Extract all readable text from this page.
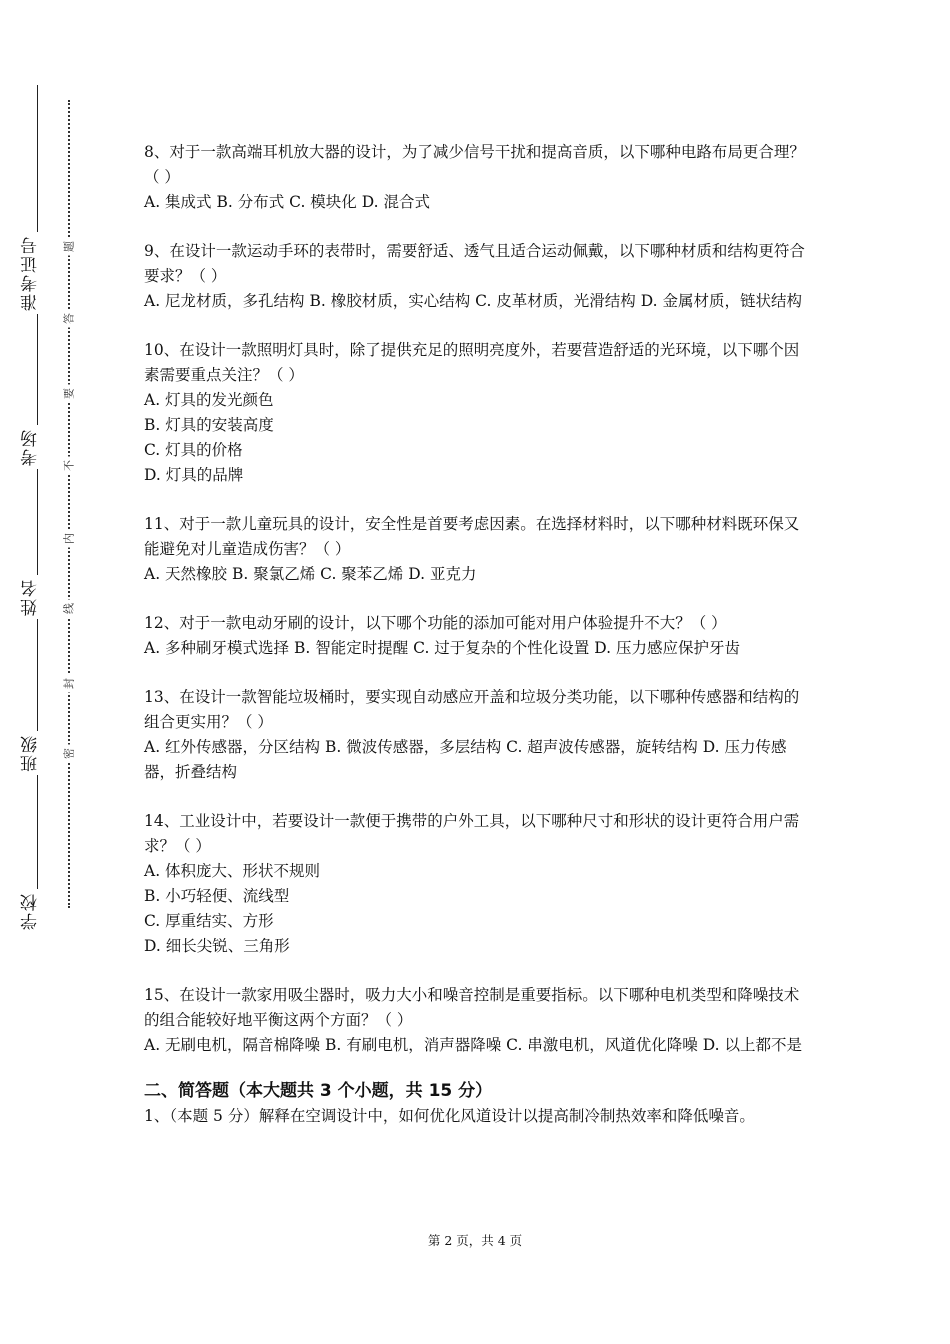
准考证号
考场
姓名
班级
学校
题
答
要
不
内
线
封
密
8、对于一款高端耳机放大器的设计，为了减少信号干扰和提高音质，以下哪种电路布局更合理？（ ）
A. 集成式 B. 分布式 C. 模块化 D. 混合式
9、在设计一款运动手环的表带时，需要舒适、透气且适合运动佩戴，以下哪种材质和结构更符合要求？（ ）
A. 尼龙材质，多孔结构 B. 橡胶材质，实心结构 C. 皮革材质，光滑结构 D. 金属材质，链状结构
10、在设计一款照明灯具时，除了提供充足的照明亮度外，若要营造舒适的光环境，以下哪个因素需要重点关注？（ ）
A. 灯具的发光颜色
B. 灯具的安装高度
C. 灯具的价格
D. 灯具的品牌
11、对于一款儿童玩具的设计，安全性是首要考虑因素。在选择材料时，以下哪种材料既环保又能避免对儿童造成伤害？（ ）
A. 天然橡胶 B. 聚氯乙烯 C. 聚苯乙烯 D. 亚克力
12、对于一款电动牙刷的设计，以下哪个功能的添加可能对用户体验提升不大？（ ）
A. 多种刷牙模式选择 B. 智能定时提醒 C. 过于复杂的个性化设置 D. 压力感应保护牙齿
13、在设计一款智能垃圾桶时，要实现自动感应开盖和垃圾分类功能，以下哪种传感器和结构的组合更实用？（ ）
A. 红外传感器，分区结构 B. 微波传感器，多层结构 C. 超声波传感器，旋转结构 D. 压力传感器，折叠结构
14、工业设计中，若要设计一款便于携带的户外工具，以下哪种尺寸和形状的设计更符合用户需求？（ ）
A. 体积庞大、形状不规则
B. 小巧轻便、流线型
C. 厚重结实、方形
D. 细长尖锐、三角形
15、在设计一款家用吸尘器时，吸力大小和噪音控制是重要指标。以下哪种电机类型和降噪技术的组合能较好地平衡这两个方面？（ ）
A. 无刷电机，隔音棉降噪 B. 有刷电机，消声器降噪 C. 串激电机，风道优化降噪 D. 以上都不是
二、简答题（本大题共 3 个小题，共 15 分）
1、（本题 5 分）解释在空调设计中，如何优化风道设计以提高制冷制热效率和降低噪音。
第 2 页，共 4 页
